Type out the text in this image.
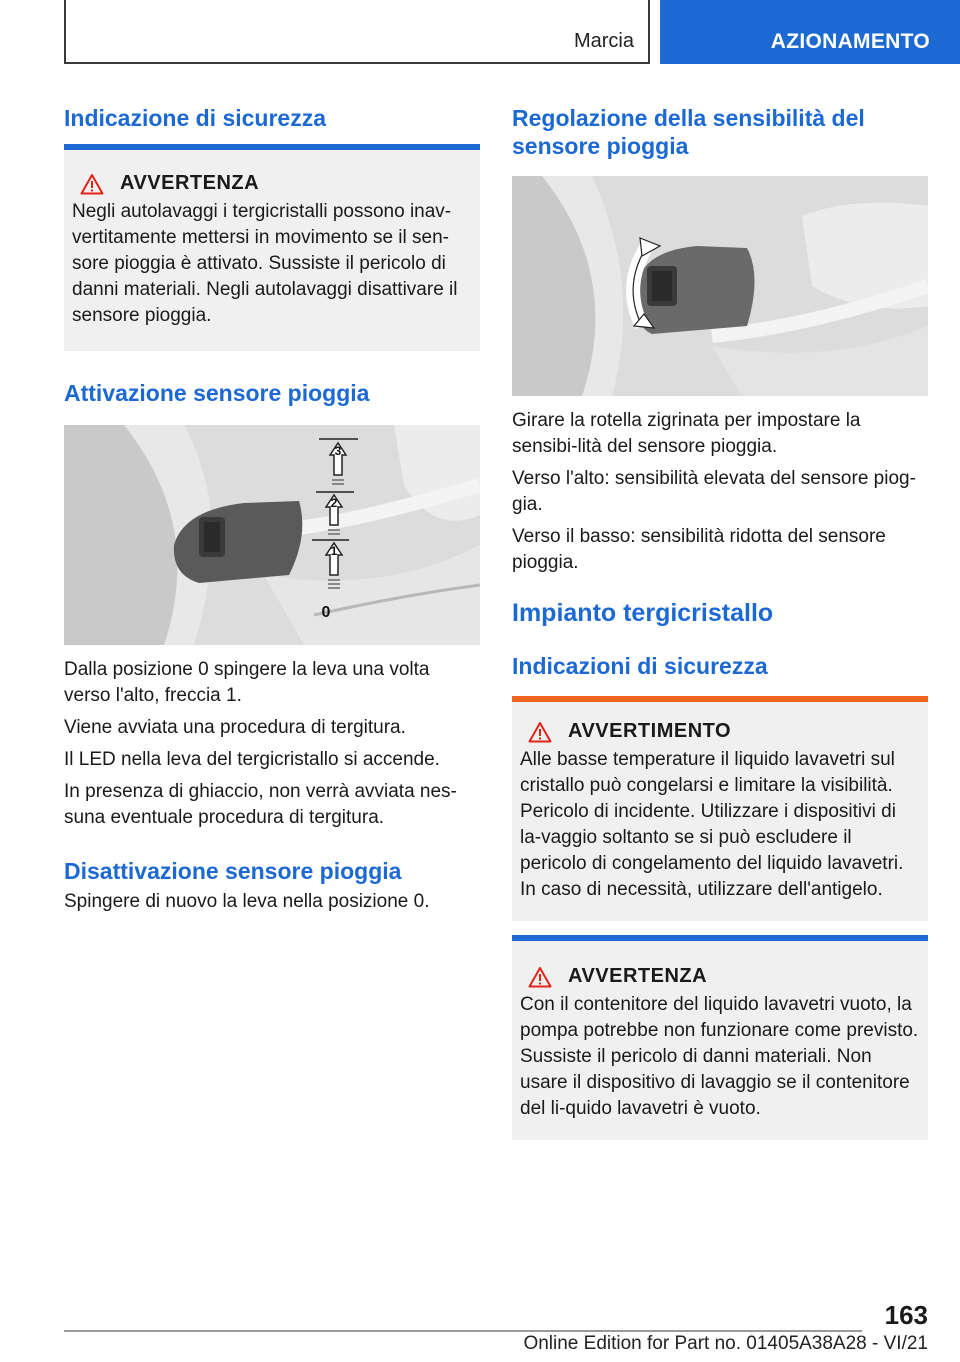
Marcia	AZIONAMENTO
Indicazione di sicurezza
AVVERTENZA

Negli autolavaggi i tergicristalli possono inav-vertitamente mettersi in movimento se il sen-sore pioggia è attivato. Sussiste il pericolo di danni materiali. Negli autolavaggi disattivare il sensore pioggia.

Attivazione sensore pioggia
3
2
1
0

Dalla posizione 0 spingere la leva una volta verso l'alto, freccia 1.

Viene avviata una procedura di tergitura.

Il LED nella leva del tergicristallo si accende.

In presenza di ghiaccio, non verrà avviata nes-suna eventuale procedura di tergitura.

Disattivazione sensore pioggia

Spingere di nuovo la leva nella posizione 0.

Regolazione della sensibilità del sensore pioggia

Girare la rotella zigrinata per impostare la sensibi-lità del sensore pioggia.

Verso l'alto: sensibilità elevata del sensore piog-gia.

Verso il basso: sensibilità ridotta del sensore pioggia.

Impianto tergicristallo
Indicazioni di sicurezza
AVVERTIMENTO

Alle basse temperature il liquido lavavetri sul cristallo può congelarsi e limitare la visibilità. Pericolo di incidente. Utilizzare i dispositivi di la-vaggio soltanto se si può escludere il pericolo di congelamento del liquido lavavetri. In caso di necessità, utilizzare dell'antigelo.

AVVERTENZA

Con il contenitore del liquido lavavetri vuoto, la pompa potrebbe non funzionare come previsto. Sussiste il pericolo di danni materiali. Non usare il dispositivo di lavaggio se il contenitore del li-quido lavavetri è vuoto.

163
Online Edition for Part no. 01405A38A28 - VI/21
